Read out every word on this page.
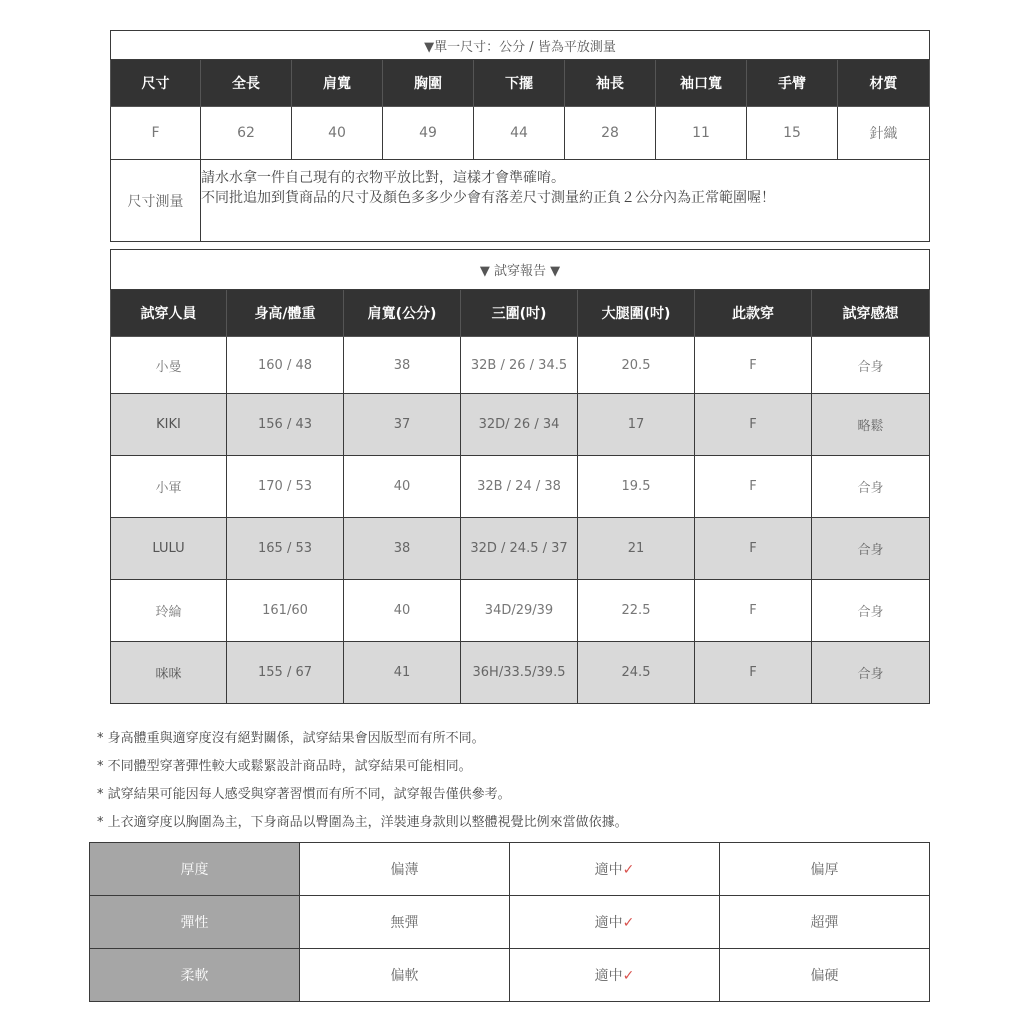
▼單一尺寸：公分 / 皆為平放測量								
尺寸	全長	肩寬	胸圍	下擺	袖長	袖口寬	手臂	材質
F	62	40	49	44	28	11	15	針織
尺寸測量	請水水拿一件自己現有的衣物平放比對，這樣才會準確唷。
不同批追加到貨商品的尺寸及顏色多多少少會有落差尺寸測量約正負２公分內為正常範圍喔！							
▼ 試穿報告 ▼						
試穿人員	身高/體重	肩寬(公分)	三圍(吋)	大腿圍(吋)	此款穿	試穿感想
小曼	160 / 48	38	32B / 26 / 34.5	20.5	F	合身
KIKI	156 / 43	37	32D/ 26 / 34	17	F	略鬆
小軍	170 / 53	40	32B / 24 / 38	19.5	F	合身
LULU	165 / 53	38	32D / 24.5 / 37	21	F	合身
玲綸	161/60	40	34D/29/39	22.5	F	合身
咪咪	155 / 67	41	36H/33.5/39.5	24.5	F	合身
* 身高體重與適穿度沒有絕對關係，試穿結果會因版型而有所不同。
* 不同體型穿著彈性較大或鬆緊設計商品時，試穿結果可能相同。
* 試穿結果可能因每人感受與穿著習慣而有所不同，試穿報告僅供參考。
* 上衣適穿度以胸圍為主，下身商品以臀圍為主，洋裝連身款則以整體視覺比例來當做依據。
厚度	偏薄	適中✓	偏厚
彈性	無彈	適中✓	超彈
柔軟	偏軟	適中✓	偏硬
